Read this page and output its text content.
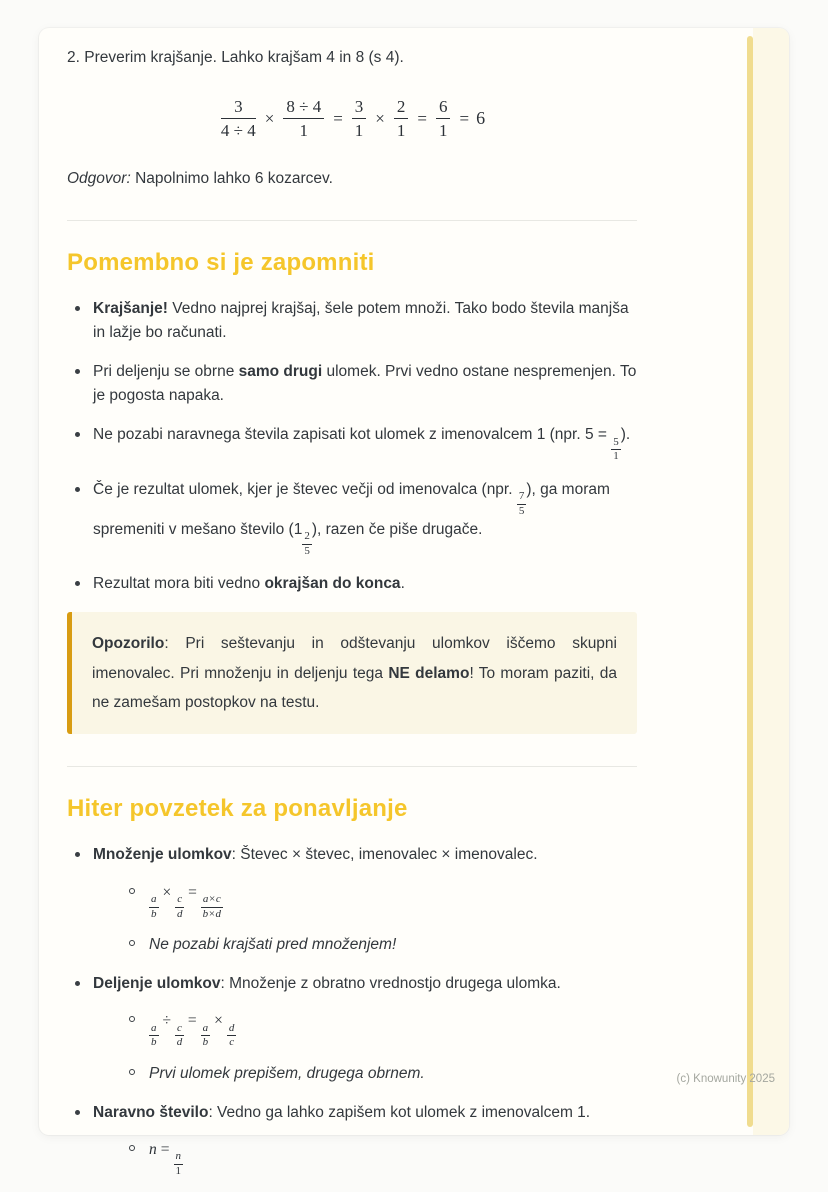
2. Preverim krajšanje. Lahko krajšam 4 in 8 (s 4).

$\frac{3}{4 \div 4} \times \frac{8 \div 4}{1} = \frac{3}{1} \times \frac{2}{1} = \frac{6}{1} = 6$

Odgovor: Napolnimo lahko 6 kozarcev.

Pomembno si je zapomniti
Krajšanje! Vedno najprej krajšaj, šele potem množi. Tako bodo števila manjša in lažje bo računati.
Pri deljenju se obrne samo drugi ulomek. Prvi vedno ostane nespremenjen. To je pogosta napaka.
Ne pozabi naravnega števila zapisati kot ulomek z imenovalcem 1 (npr. 5 =
$\frac{5}{1}$
).
Če je rezultat ulomek, kjer je števec večji od imenovalca (npr.
$\frac{7}{5}$
), ga moram spremeniti v mešano število (1
$\frac{2}{5}$
), razen če piše drugače.
Rezultat mora biti vedno okrajšan do konca.
Opozorilo: Pri seštevanju in odštevanju ulomkov iščemo skupni imenovalec. Pri množenju in deljenju tega NE delamo! To moram paziti, da ne zamešam postopkov na testu.
Hiter povzetek za ponavljanje
Množenje ulomkov: Števec × števec, imenovalec × imenovalec.
$\frac{a}{b}$
×
$\frac{c}{d}$
=
$\frac{a\times c}{b\times d}$
Ne pozabi krajšati pred množenjem!
Deljenje ulomkov: Množenje z obratno vrednostjo drugega ulomka.
$\frac{a}{b}$
÷
$\frac{c}{d}$
=
$\frac{a}{b}$
×
$\frac{d}{c}$
Prvi ulomek prepišem, drugega obrnem.
Naravno število: Vedno ga lahko zapišem kot ulomek z imenovalcem 1.
n =
$\frac{n}{1}$
(c) Knowunity 2025
